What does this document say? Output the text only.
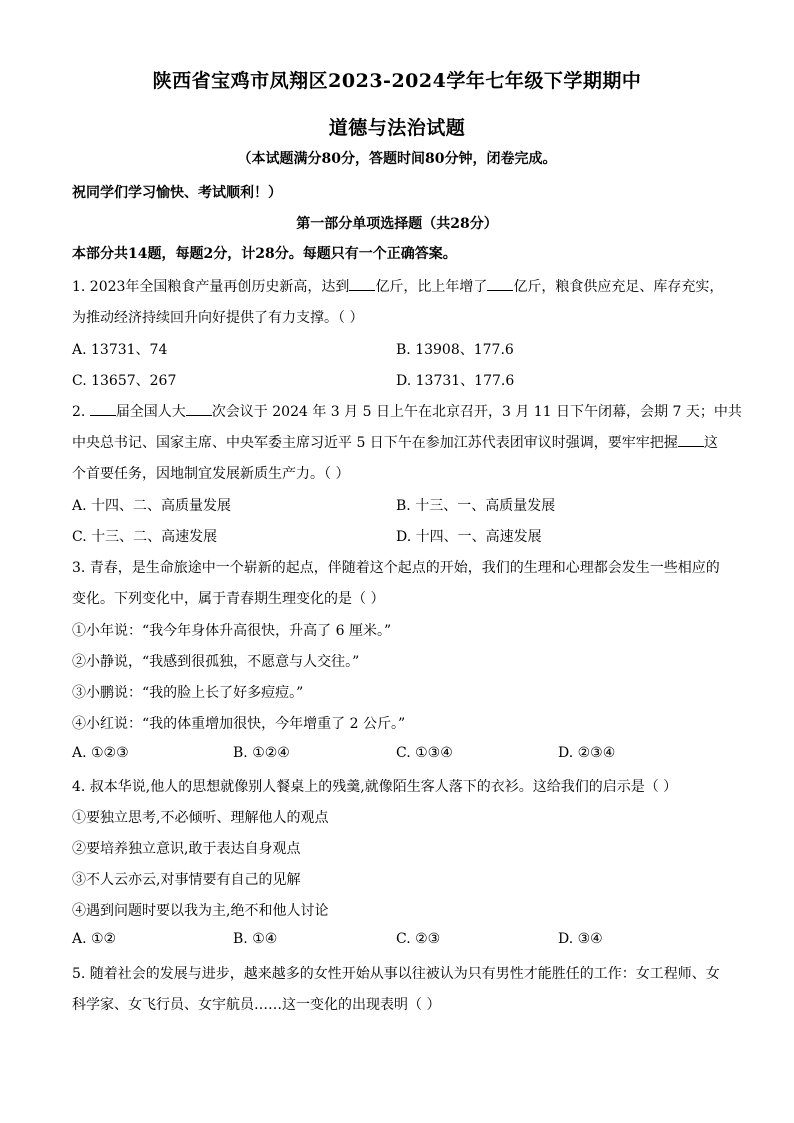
陕西省宝鸡市凤翔区2023-2024学年七年级下学期期中
道德与法治试题
（本试题满分80分，答题时间80分钟，闭卷完成。
祝同学们学习愉快、考试顺利！）
第一部分单项选择题（共28分）
本部分共14题，每题2分，计28分。每题只有一个正确答案。
1. 2023年全国粮食产量再创历史新高，达到 亿斤，比上年增了 亿斤，粮食供应充足、库存充实，
为推动经济持续回升向好提供了有力支撑。（ ）
A. 13731、74	B. 13908、177.6
C. 13657、267	D. 13731、177.6
2. 届全国人大 次会议于 2024 年 3 月 5 日上午在北京召开，3 月 11 日下午闭幕，会期 7 天；中共
中央总书记、国家主席、中央军委主席习近平 5 日下午在参加江苏代表团审议时强调，要牢牢把握 这
个首要任务，因地制宜发展新质生产力。（ ）
A. 十四、二、高质量发展	B. 十三、一、高质量发展
C. 十三、二、高速发展	D. 十四、一、高速发展
3. 青春，是生命旅途中一个崭新的起点，伴随着这个起点的开始，我们的生理和心理都会发生一些相应的
变化。下列变化中，属于青春期生理变化的是（ ）
①小年说：“我今年身体升高很快，升高了 6 厘米。”
②小静说，“我感到很孤独，不愿意与人交往。”
③小鹏说：“我的脸上长了好多痘痘。”
④小红说：“我的体重增加很快，今年增重了 2 公斤。”
A. ①②③	B. ①②④	C. ①③④	D. ②③④
4. 叔本华说,他人的思想就像别人餐桌上的残羹,就像陌生客人落下的衣衫。这给我们的启示是（ ）
①要独立思考,不必倾听、理解他人的观点
②要培养独立意识,敢于表达自身观点
③不人云亦云,对事情要有自己的见解
④遇到问题时要以我为主,绝不和他人讨论
A. ①②	B. ①④	C. ②③	D. ③④
5. 随着社会的发展与进步，越来越多的女性开始从事以往被认为只有男性才能胜任的工作：女工程师、女
科学家、女飞行员、女宇航员……这一变化的出现表明（ ）
